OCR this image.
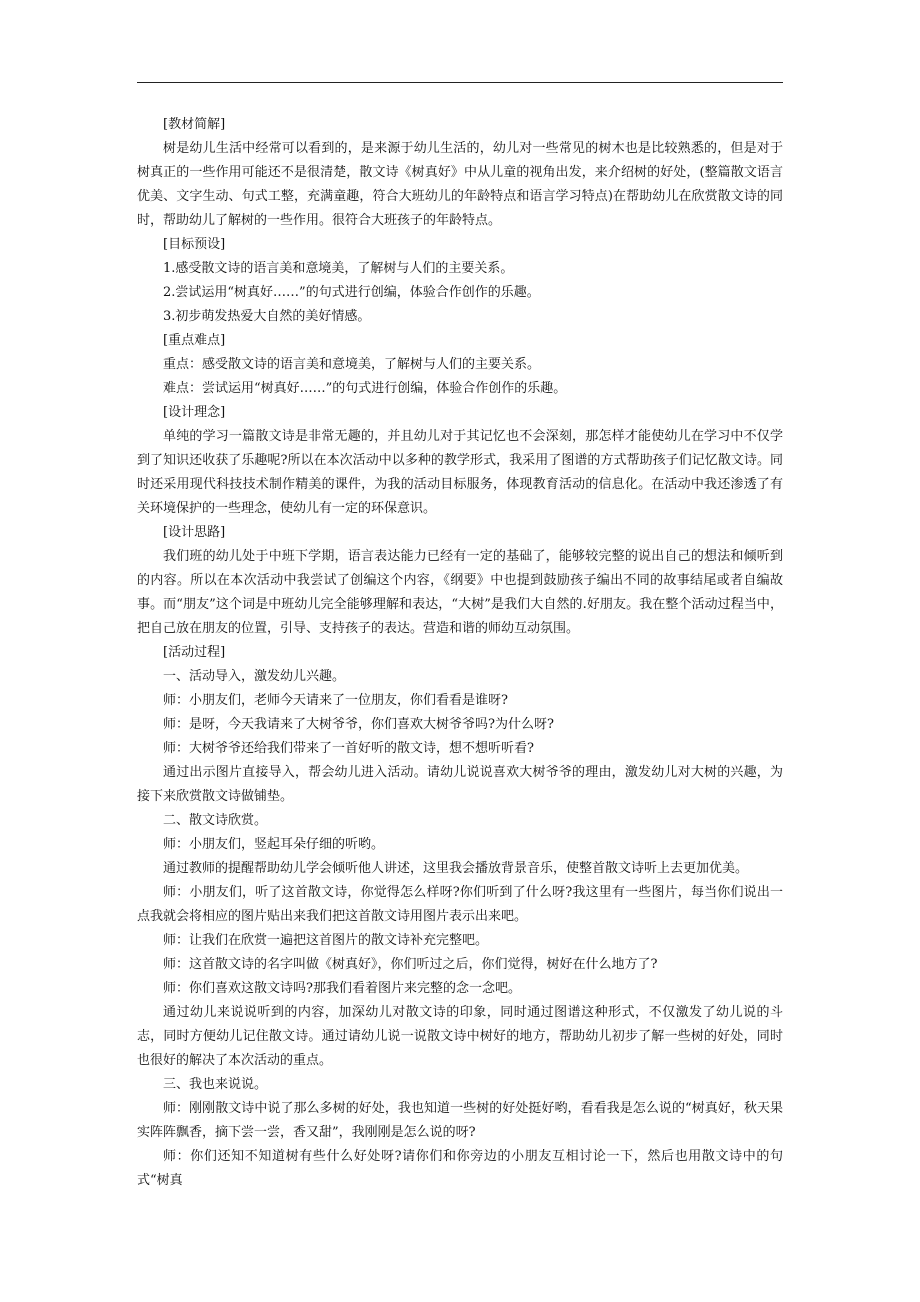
[教材简解]

树是幼儿生活中经常可以看到的，是来源于幼儿生活的，幼儿对一些常见的树木也是比较熟悉的，但是对于树真正的一些作用可能还不是很清楚，散文诗《树真好》中从儿童的视角出发，来介绍树的好处，(整篇散文语言优美、文字生动、句式工整，充满童趣，符合大班幼儿的年龄特点和语言学习特点)在帮助幼儿在欣赏散文诗的同时，帮助幼儿了解树的一些作用。很符合大班孩子的年龄特点。

[目标预设]

1.感受散文诗的语言美和意境美，了解树与人们的主要关系。

2.尝试运用“树真好……”的句式进行创编，体验合作创作的乐趣。

3.初步萌发热爱大自然的美好情感。

[重点难点]

重点：感受散文诗的语言美和意境美，了解树与人们的主要关系。

难点：尝试运用“树真好……”的句式进行创编，体验合作创作的乐趣。

[设计理念]

单纯的学习一篇散文诗是非常无趣的，并且幼儿对于其记忆也不会深刻，那怎样才能使幼儿在学习中不仅学到了知识还收获了乐趣呢?所以在本次活动中以多种的教学形式，我采用了图谱的方式帮助孩子们记忆散文诗。同时还采用现代科技技术制作精美的课件，为我的活动目标服务，体现教育活动的信息化。在活动中我还渗透了有关环境保护的一些理念，使幼儿有一定的环保意识。

[设计思路]

我们班的幼儿处于中班下学期，语言表达能力已经有一定的基础了，能够较完整的说出自己的想法和倾听到的内容。所以在本次活动中我尝试了创编这个内容，《纲要》中也提到鼓励孩子编出不同的故事结尾或者自编故事。而“朋友”这个词是中班幼儿完全能够理解和表达，“大树”是我们大自然的.好朋友。我在整个活动过程当中，把自己放在朋友的位置，引导、支持孩子的表达。营造和谐的师幼互动氛围。

[活动过程]

一、活动导入，激发幼儿兴趣。

师：小朋友们，老师今天请来了一位朋友，你们看看是谁呀?

师：是呀，今天我请来了大树爷爷，你们喜欢大树爷爷吗?为什么呀?

师：大树爷爷还给我们带来了一首好听的散文诗，想不想听听看?

通过出示图片直接导入，帮会幼儿进入活动。请幼儿说说喜欢大树爷爷的理由，激发幼儿对大树的兴趣，为接下来欣赏散文诗做铺垫。

二、散文诗欣赏。

师：小朋友们，竖起耳朵仔细的听哟。

通过教师的提醒帮助幼儿学会倾听他人讲述，这里我会播放背景音乐，使整首散文诗听上去更加优美。

师：小朋友们，听了这首散文诗，你觉得怎么样呀?你们听到了什么呀?我这里有一些图片，每当你们说出一点我就会将相应的图片贴出来我们把这首散文诗用图片表示出来吧。

师：让我们在欣赏一遍把这首图片的散文诗补充完整吧。

师：这首散文诗的名字叫做《树真好》，你们听过之后，你们觉得，树好在什么地方了?

师：你们喜欢这散文诗吗?那我们看着图片来完整的念一念吧。

通过幼儿来说说听到的内容，加深幼儿对散文诗的印象，同时通过图谱这种形式，不仅激发了幼儿说的斗志，同时方便幼儿记住散文诗。通过请幼儿说一说散文诗中树好的地方，帮助幼儿初步了解一些树的好处，同时也很好的解决了本次活动的重点。

三、我也来说说。

师：刚刚散文诗中说了那么多树的好处，我也知道一些树的好处挺好哟，看看我是怎么说的“树真好，秋天果实阵阵飘香，摘下尝一尝，香又甜”，我刚刚是怎么说的呀?

师：你们还知不知道树有些什么好处呀?请你们和你旁边的小朋友互相讨论一下，然后也用散文诗中的句式“树真
